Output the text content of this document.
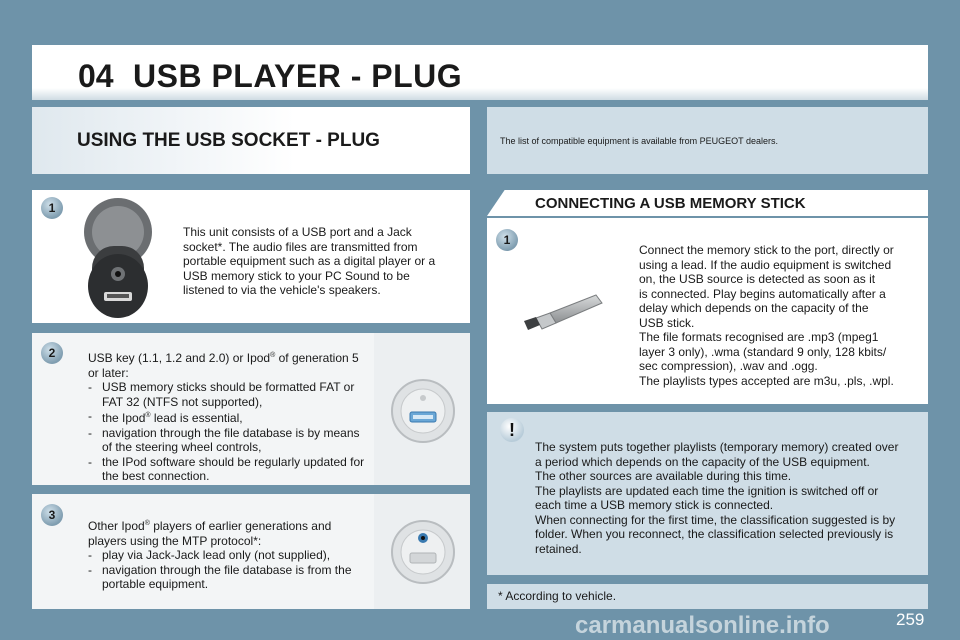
04 USB PLAYER - PLUG
USING THE USB SOCKET - PLUG	The list of compatible equipment is available from PEUGEOT dealers.
1
This unit consists of a USB port and a Jack socket*. The audio files are transmitted from portable equipment such as a digital player or a USB memory stick to your PC Sound to be listened to via the vehicle's speakers.
2	USB key (1.1, 1.2 and 2.0) or Ipod® of generation 5 or later:
- USB memory sticks should be formatted FAT or FAT 32 (NTFS not supported),
- the Ipod® lead is essential,
- navigation through the file database is by means of the steering wheel controls,
- the IPod software should be regularly updated for the best connection.
3
Other Ipod® players of earlier generations and players using the MTP protocol*:
- play via Jack-Jack lead only (not supplied),
- navigation through the file database is from the portable equipment.
CONNECTING A USB MEMORY STICK
1
Connect the memory stick to the port, directly or
using a lead. If the audio equipment is switched
on, the USB source is detected as soon as it
is connected. Play begins automatically after a
delay which depends on the capacity of the
USB stick.
The file formats recognised are .mp3 (mpeg1
layer 3 only), .wma (standard 9 only, 128 kbits/
sec compression), .wav and .ogg.
The playlists types accepted are m3u, .pls, .wpl.
!
The system puts together playlists (temporary memory) created over
a period which depends on the capacity of the USB equipment.
The other sources are available during this time.
The playlists are updated each time the ignition is switched off or
each time a USB memory stick is connected.
When connecting for the first time, the classification suggested is by
folder. When you reconnect, the classification selected previously is
retained.
* According to vehicle.
carmanualsonline.info	259
